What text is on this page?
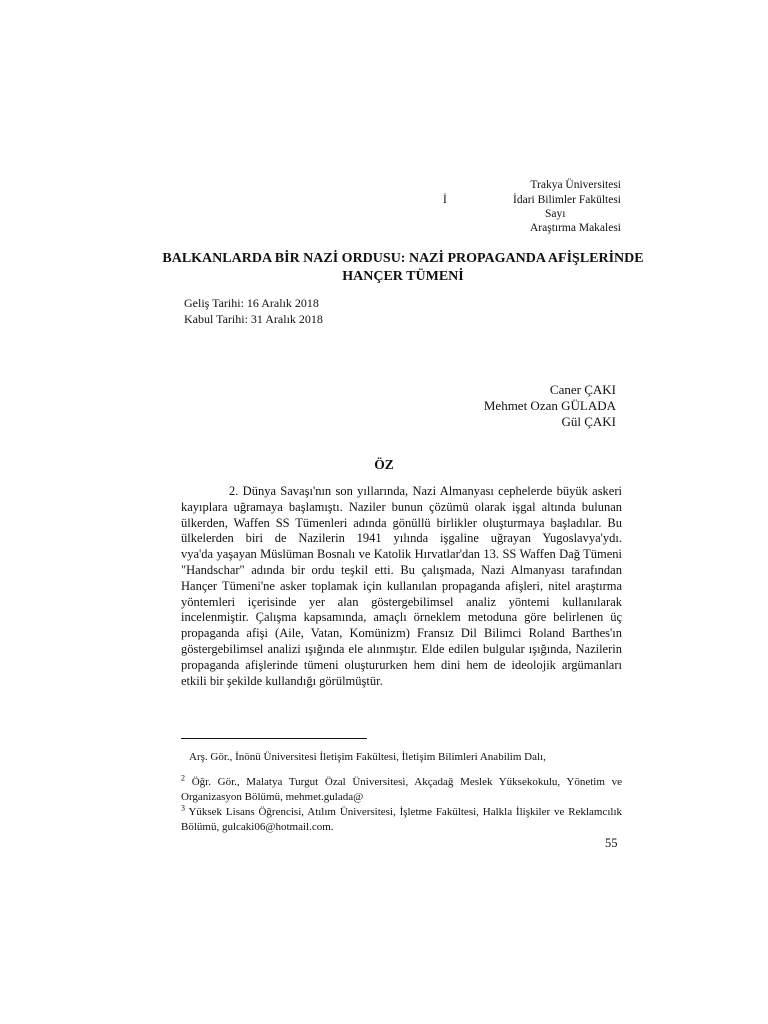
Trakya Üniversitesi
İ	İdari Bilimler Fakültesi
Sayı
Araştırma Makalesi
BALKANLARDA BİR NAZİ ORDUSU: NAZİ PROPAGANDA AFİŞLERİNDE HANÇER TÜMENİ
Geliş Tarihi: 16 Aralık 2018
Kabul Tarihi: 31 Aralık 2018
Caner ÇAKI
Mehmet Ozan GÜLADA
Gül ÇAKI
ÖZ

2. Dünya Savaşı'nın son yıllarında, Nazi Almanyası cephelerde büyük askeri kayıplara uğramaya başlamıştı. Naziler bunun çözümü olarak işgal altında bulunan ülkerden, Waffen SS Tümenleri adında gönüllü birlikler oluşturmaya başladılar. Bu ülkelerden biri de Nazilerin 1941 yılında işgaline uğrayan Yugoslavya'ydı.                vya'da yaşayan Müslüman Bosnalı ve Katolik Hırvatlar'dan 13. SS Waffen Dağ Tümeni "Handschar" adında bir ordu teşkil etti. Bu çalışmada, Nazi Almanyası tarafından Hançer Tümeni'ne asker toplamak için kullanılan propaganda afişleri, nitel araştırma yöntemleri içerisinde yer alan göstergebilimsel analiz yöntemi kullanılarak incelenmiştir. Çalışma kapsamında, amaçlı örneklem metoduna göre belirlenen üç propaganda afişi (Aile, Vatan, Komünizm) Fransız Dil Bilimci Roland Barthes'ın göstergebilimsel analizi ışığında ele alınmıştır. Elde edilen bulgular ışığında, Nazilerin propaganda afişlerinde tümeni oluştururken hem dini hem de ideolojik argümanları etkili bir şekilde kullandığı görülmüştür.

Arş. Gör., İnönü Üniversitesi İletişim Fakültesi, İletişim Bilimleri Anabilim Dalı,
$^2$ Öğr. Gör., Malatya Turgut Özal Üniversitesi, Akçadağ Meslek Yüksekokulu, Yönetim ve Organizasyon Bölümü, mehmet.gulada@
$^3$ Yüksek Lisans Öğrencisi, Atılım Üniversitesi, İşletme Fakültesi, Halkla İlişkiler ve Reklamcılık Bölümü, gulcaki06@hotmail.com.
55
